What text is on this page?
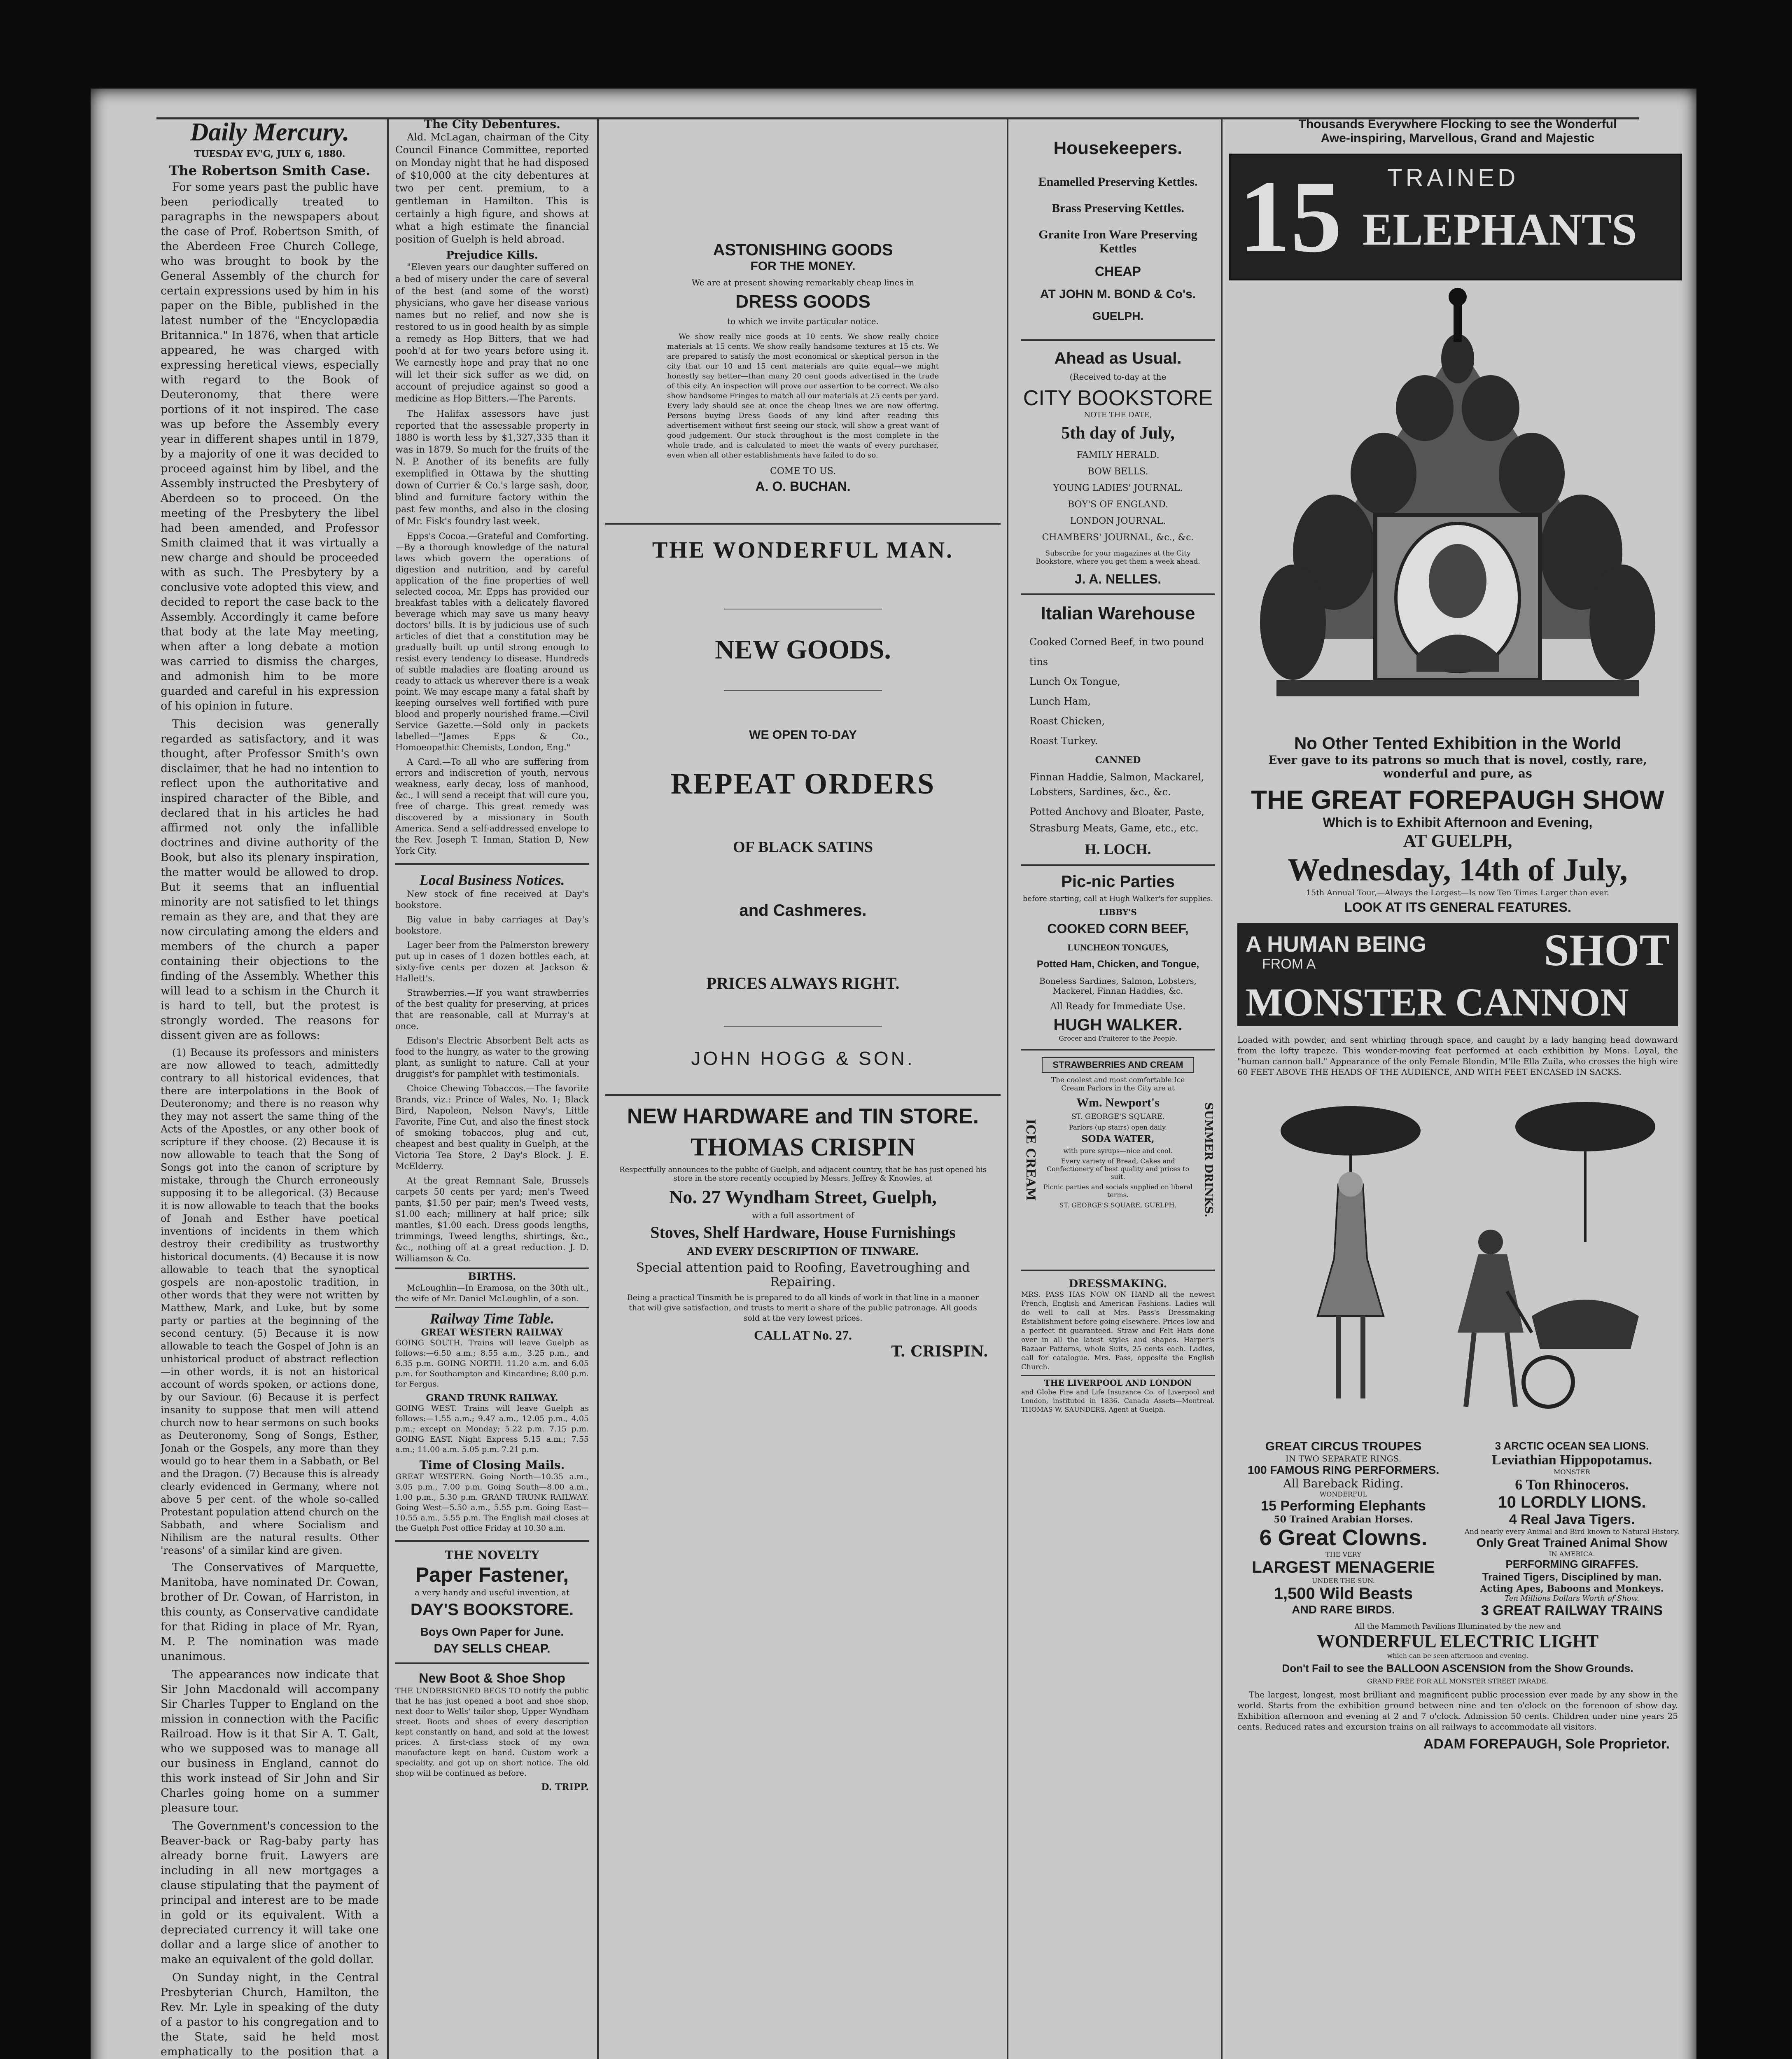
Daily Mercury.
TUESDAY EV'G, JULY 6, 1880.
The Robertson Smith Case.

For some years past the public have been periodically treated to paragraphs in the newspapers about the case of Prof. Robertson Smith, of the Aberdeen Free Church College, who was brought to book by the General Assembly of the church for certain expressions used by him in his paper on the Bible, published in the latest number of the "Encyclopædia Britannica." In 1876, when that article appeared, he was charged with expressing heretical views, especially with regard to the Book of Deuteronomy, that there were portions of it not inspired. The case was up before the Assembly every year in different shapes until in 1879, by a majority of one it was decided to proceed against him by libel, and the Assembly instructed the Presbytery of Aberdeen so to proceed. On the meeting of the Presbytery the libel had been amended, and Professor Smith claimed that it was virtually a new charge and should be proceeded with as such. The Presbytery by a conclusive vote adopted this view, and decided to report the case back to the Assembly. Accordingly it came before that body at the late May meeting, when after a long debate a motion was carried to dismiss the charges, and admonish him to be more guarded and careful in his expression of his opinion in future.

This decision was generally regarded as satisfactory, and it was thought, after Professor Smith's own disclaimer, that he had no intention to reflect upon the authoritative and inspired character of the Bible, and declared that in his articles he had affirmed not only the infallible doctrines and divine authority of the Book, but also its plenary inspiration, the matter would be allowed to drop. But it seems that an influential minority are not satisfied to let things remain as they are, and that they are now circulating among the elders and members of the church a paper containing their objections to the finding of the Assembly. Whether this will lead to a schism in the Church it is hard to tell, but the protest is strongly worded. The reasons for dissent given are as follows:

(1) Because its professors and ministers are now allowed to teach, admittedly contrary to all historical evidences, that there are interpolations in the Book of Deuteronomy; and there is no reason why they may not assert the same thing of the Acts of the Apostles, or any other book of scripture if they choose. (2) Because it is now allowable to teach that the Song of Songs got into the canon of scripture by mistake, through the Church erroneously supposing it to be allegorical. (3) Because it is now allowable to teach that the books of Jonah and Esther have poetical inventions of incidents in them which destroy their credibility as trustworthy historical documents. (4) Because it is now allowable to teach that the synoptical gospels are non-apostolic tradition, in other words that they were not written by Matthew, Mark, and Luke, but by some party or parties at the beginning of the second century. (5) Because it is now allowable to teach the Gospel of John is an unhistorical product of abstract reflection—in other words, it is not an historical account of words spoken, or actions done, by our Saviour. (6) Because it is perfect insanity to suppose that men will attend church now to hear sermons on such books as Deuteronomy, Song of Songs, Esther, Jonah or the Gospels, any more than they would go to hear them in a Sabbath, or Bel and the Dragon. (7) Because this is already clearly evidenced in Germany, where not above 5 per cent. of the whole so-called Protestant population attend church on the Sabbath, and where Socialism and Nihilism are the natural results. Other 'reasons' of a similar kind are given.

The Conservatives of Marquette, Manitoba, have nominated Dr. Cowan, brother of Dr. Cowan, of Harriston, in this county, as Conservative candidate for that Riding in place of Mr. Ryan, M. P. The nomination was made unanimous.

The appearances now indicate that Sir John Macdonald will accompany Sir Charles Tupper to England on the mission in connection with the Pacific Railroad. How is it that Sir A. T. Galt, who we supposed was to manage all our business in England, cannot do this work instead of Sir John and Sir Charles going home on a summer pleasure tour.

The Government's concession to the Beaver-back or Rag-baby party has already borne fruit. Lawyers are including in all new mortgages a clause stipulating that the payment of principal and interest are to be made in gold or its equivalent. With a depreciated currency it will take one dollar and a large slice of another to make an equivalent of the gold dollar.

On Sunday night, in the Central Presbyterian Church, Hamilton, the Rev. Mr. Lyle in speaking of the duty of a pastor to his congregation and to the State, said he held most emphatically to the position that a

The City Debentures.

Ald. McLagan, chairman of the City Council Finance Committee, reported on Monday night that he had disposed of $10,000 at the city debentures at two per cent. premium, to a gentleman in Hamilton. This is certainly a high figure, and shows at what a high estimate the financial position of Guelph is held abroad.

Prejudice Kills.

"Eleven years our daughter suffered on a bed of misery under the care of several of the best (and some of the worst) physicians, who gave her disease various names but no relief, and now she is restored to us in good health by as simple a remedy as Hop Bitters, that we had pooh'd at for two years before using it. We earnestly hope and pray that no one will let their sick suffer as we did, on account of prejudice against so good a medicine as Hop Bitters.—The Parents.

The Halifax assessors have just reported that the assessable property in 1880 is worth less by $1,327,335 than it was in 1879. So much for the fruits of the N. P. Another of its benefits are fully exemplified in Ottawa by the shutting down of Currier & Co.'s large sash, door, blind and furniture factory within the past few months, and also in the closing of Mr. Fisk's foundry last week.

Epps's Cocoa.—Grateful and Comforting.—By a thorough knowledge of the natural laws which govern the operations of digestion and nutrition, and by careful application of the fine properties of well selected cocoa, Mr. Epps has provided our breakfast tables with a delicately flavored beverage which may save us many heavy doctors' bills. It is by judicious use of such articles of diet that a constitution may be gradually built up until strong enough to resist every tendency to disease. Hundreds of subtle maladies are floating around us ready to attack us wherever there is a weak point. We may escape many a fatal shaft by keeping ourselves well fortified with pure blood and properly nourished frame.—Civil Service Gazette.—Sold only in packets labelled—"James Epps & Co., Homoeopathic Chemists, London, Eng."

A Card.—To all who are suffering from errors and indiscretion of youth, nervous weakness, early decay, loss of manhood, &c., I will send a receipt that will cure you, free of charge. This great remedy was discovered by a missionary in South America. Send a self-addressed envelope to the Rev. Joseph T. Inman, Station D, New York City.

Local Business Notices.

New stock of fine received at Day's bookstore.

Big value in baby carriages at Day's bookstore.

Lager beer from the Palmerston brewery put up in cases of 1 dozen bottles each, at sixty-five cents per dozen at Jackson & Hallett's.

Strawberries.—If you want strawberries of the best quality for preserving, at prices that are reasonable, call at Murray's at once.

Edison's Electric Absorbent Belt acts as food to the hungry, as water to the growing plant, as sunlight to nature. Call at your druggist's for pamphlet with testimonials.

Choice Chewing Tobaccos.—The favorite Brands, viz.: Prince of Wales, No. 1; Black Bird, Napoleon, Nelson Navy's, Little Favorite, Fine Cut, and also the finest stock of smoking tobaccos, plug and cut, cheapest and best quality in Guelph, at the Victoria Tea Store, 2 Day's Block. J. E. McElderry.

At the great Remnant Sale, Brussels carpets 50 cents per yard; men's Tweed pants, $1.50 per pair; men's Tweed vests, $1.00 each; millinery at half price; silk mantles, $1.00 each. Dress goods lengths, trimmings, Tweed lengths, shirtings, &c., &c., nothing off at a great reduction. J. D. Williamson & Co.

BIRTHS.

McLoughlin—In Eramosa, on the 30th ult., the wife of Mr. Daniel McLoughlin, of a son.

Railway Time Table.
GREAT WESTERN RAILWAY

GOING SOUTH. Trains will leave Guelph as follows:—6.50 a.m.; 8.55 a.m., 3.25 p.m., and 6.35 p.m. GOING NORTH. 11.20 a.m. and 6.05 p.m. for Southampton and Kincardine; 8.00 p.m. for Fergus.

GRAND TRUNK RAILWAY.

GOING WEST. Trains will leave Guelph as follows:—1.55 a.m.; 9.47 a.m., 12.05 p.m., 4.05 p.m.; except on Monday; 5.22 p.m. 7.15 p.m. GOING EAST. Night Express 5.15 a.m.; 7.55 a.m.; 11.00 a.m. 5.05 p.m. 7.21 p.m.

Time of Closing Mails.

GREAT WESTERN. Going North—10.35 a.m., 3.05 p.m., 7.00 p.m. Going South—8.00 a.m., 1.00 p.m., 5.30 p.m. GRAND TRUNK RAILWAY. Going West—5.50 a.m., 5.55 p.m. Going East—10.55 a.m., 5.55 p.m. The English mail closes at the Guelph Post office Friday at 10.30 a.m.

THE NOVELTY
Paper Fastener,
a very handy and useful invention, at
DAY'S BOOKSTORE.
Boys Own Paper for June.
DAY SELLS CHEAP.
New Boot & Shoe Shop

THE UNDERSIGNED BEGS TO notify the public that he has just opened a boot and shoe shop, next door to Wells' tailor shop, Upper Wyndham street. Boots and shoes of every description kept constantly on hand, and sold at the lowest prices. A first-class stock of my own manufacture kept on hand. Custom work a speciality, and got up on short notice. The old shop will be continued as before.

D. TRIPP.
ASTONISHING GOODS
FOR THE MONEY.
We are at present showing remarkably cheap lines in
DRESS GOODS
to which we invite particular notice.

We show really nice goods at 10 cents. We show really choice materials at 15 cents. We show really handsome textures at 15 cts. We are prepared to satisfy the most economical or skeptical person in the city that our 10 and 15 cent materials are quite equal—we might honestly say better—than many 20 cent goods advertised in the trade of this city. An inspection will prove our assertion to be correct. We also show handsome Fringes to match all our materials at 25 cents per yard. Every lady should see at once the cheap lines we are now offering. Persons buying Dress Goods of any kind after reading this advertisement without first seeing our stock, will show a great want of good judgement. Our stock throughout is the most complete in the whole trade, and is calculated to meet the wants of every purchaser, even when all other establishments have failed to do so.

COME TO US.
A. O. BUCHAN.
THE WONDERFUL MAN.
NEW GOODS.
WE OPEN TO-DAY
REPEAT ORDERS
OF BLACK SATINS
and Cashmeres.
PRICES ALWAYS RIGHT.
JOHN HOGG & SON.
NEW HARDWARE and TIN STORE.
THOMAS CRISPIN
Respectfully announces to the public of Guelph, and adjacent country, that he has just opened his store in the store recently occupied by Messrs. Jeffrey & Knowles, at
No. 27 Wyndham Street, Guelph,
with a full assortment of
Stoves, Shelf Hardware, House Furnishings
AND EVERY DESCRIPTION OF TINWARE.
Special attention paid to Roofing, Eavetroughing and Repairing.

Being a practical Tinsmith he is prepared to do all kinds of work in that line in a manner that will give satisfaction, and trusts to merit a share of the public patronage. All goods sold at the very lowest prices.

CALL AT No. 27.
T. CRISPIN.
Housekeepers.
Enamelled Preserving Kettles.
Brass Preserving Kettles.
Granite Iron Ware Preserving Kettles
CHEAP
AT JOHN M. BOND & Co's.
GUELPH.
Ahead as Usual.
(Received to-day at the
CITY BOOKSTORE
NOTE THE DATE,
5th day of July,
FAMILY HERALD.
BOW BELLS.
YOUNG LADIES' JOURNAL.
BOY'S OF ENGLAND.
LONDON JOURNAL.
CHAMBERS' JOURNAL, &c., &c.
Subscribe for your magazines at the City Bookstore, where you get them a week ahead.
J. A. NELLES.
Italian Warehouse
Cooked Corned Beef, in two pound tins
Lunch Ox Tongue,
Lunch Ham,
Roast Chicken,
Roast Turkey.
CANNED
Finnan Haddie, Salmon, Mackarel, Lobsters, Sardines, &c., &c.
Potted Anchovy and Bloater, Paste, Strasburg Meats, Game, etc., etc.
H. LOCH.
Pic-nic Parties
before starting, call at Hugh Walker's for supplies.
LIBBY'S
COOKED CORN BEEF,
LUNCHEON TONGUES,
Potted Ham, Chicken, and Tongue,
Boneless Sardines, Salmon, Lobsters, Mackerel, Finnan Haddies, &c.
All Ready for Immediate Use.
HUGH WALKER.
Grocer and Fruiterer to the People.
ICE CREAM	SUMMER DRINKS.
STRAWBERRIES AND CREAM
The coolest and most comfortable Ice Cream Parlors in the City are at
Wm. Newport's
ST. GEORGE'S SQUARE.
Parlors (up stairs) open daily.
SODA WATER,
with pure syrups—nice and cool.
Every variety of Bread, Cakes and Confectionery of best quality and prices to suit.
Picnic parties and socials supplied on liberal terms.
ST. GEORGE'S SQUARE, GUELPH.
DRESSMAKING.

MRS. PASS HAS NOW ON HAND all the newest French, English and American Fashions. Ladies will do well to call at Mrs. Pass's Dressmaking Establishment before going elsewhere. Prices low and a perfect fit guaranteed. Straw and Felt Hats done over in all the latest styles and shapes. Harper's Bazaar Patterns, whole Suits, 25 cents each. Ladies, call for catalogue. Mrs. Pass, opposite the English Church.

THE LIVERPOOL AND LONDON

and Globe Fire and Life Insurance Co. of Liverpool and London, instituted in 1836. Canada Assets—Montreal. THOMAS W. SAUNDERS, Agent at Guelph.

Thousands Everywhere Flocking to see the Wonderful
Awe-inspiring, Marvellous, Grand and Majestic
15 TRAINED
ELEPHANTS
No Other Tented Exhibition in the World
Ever gave to its patrons so much that is novel, costly, rare, wonderful and pure, as
THE GREAT FOREPAUGH SHOW
Which is to Exhibit Afternoon and Evening,
AT GUELPH,
Wednesday, 14th of July,
15th Annual Tour,—Always the Largest—Is now Ten Times Larger than ever.
LOOK AT ITS GENERAL FEATURES.
A HUMAN BEING
FROM A	SHOT
MONSTER CANNON

Loaded with powder, and sent whirling through space, and caught by a lady hanging head downward from the lofty trapeze. This wonder-moving feat performed at each exhibition by Mons. Loyal, the "human cannon ball." Appearance of the only Female Blondin, M'lle Ella Zuila, who crosses the high wire 60 FEET ABOVE THE HEADS OF THE AUDIENCE, AND WITH FEET ENCASED IN SACKS.

GREAT CIRCUS TROUPES
IN TWO SEPARATE RINGS.
100 FAMOUS RING PERFORMERS.
All Bareback Riding.
WONDERFUL
15 Performing Elephants
50 Trained Arabian Horses.
6 Great Clowns.
THE VERY
LARGEST MENAGERIE
UNDER THE SUN.
1,500 Wild Beasts
AND RARE BIRDS.
3 ARCTIC OCEAN SEA LIONS.
Leviathian Hippopotamus.
MONSTER
6 Ton Rhinoceros.
10 LORDLY LIONS.
4 Real Java Tigers.
And nearly every Animal and Bird known to Natural History.
Only Great Trained Animal Show
IN AMERICA.
PERFORMING GIRAFFES.
Trained Tigers, Disciplined by man.
Acting Apes, Baboons and Monkeys.
Ten Millions Dollars Worth of Show.
3 GREAT RAILWAY TRAINS
All the Mammoth Pavilions Illuminated by the new and
WONDERFUL ELECTRIC LIGHT
which can be seen afternoon and evening.
Don't Fail to see the BALLOON ASCENSION from the Show Grounds.
GRAND FREE FOR ALL MONSTER STREET PARADE.

The largest, longest, most brilliant and magnificent public procession ever made by any show in the world. Starts from the exhibition ground between nine and ten o'clock on the forenoon of show day. Exhibition afternoon and evening at 2 and 7 o'clock. Admission 50 cents. Children under nine years 25 cents. Reduced rates and excursion trains on all railways to accommodate all visitors.

ADAM FOREPAUGH, Sole Proprietor.
